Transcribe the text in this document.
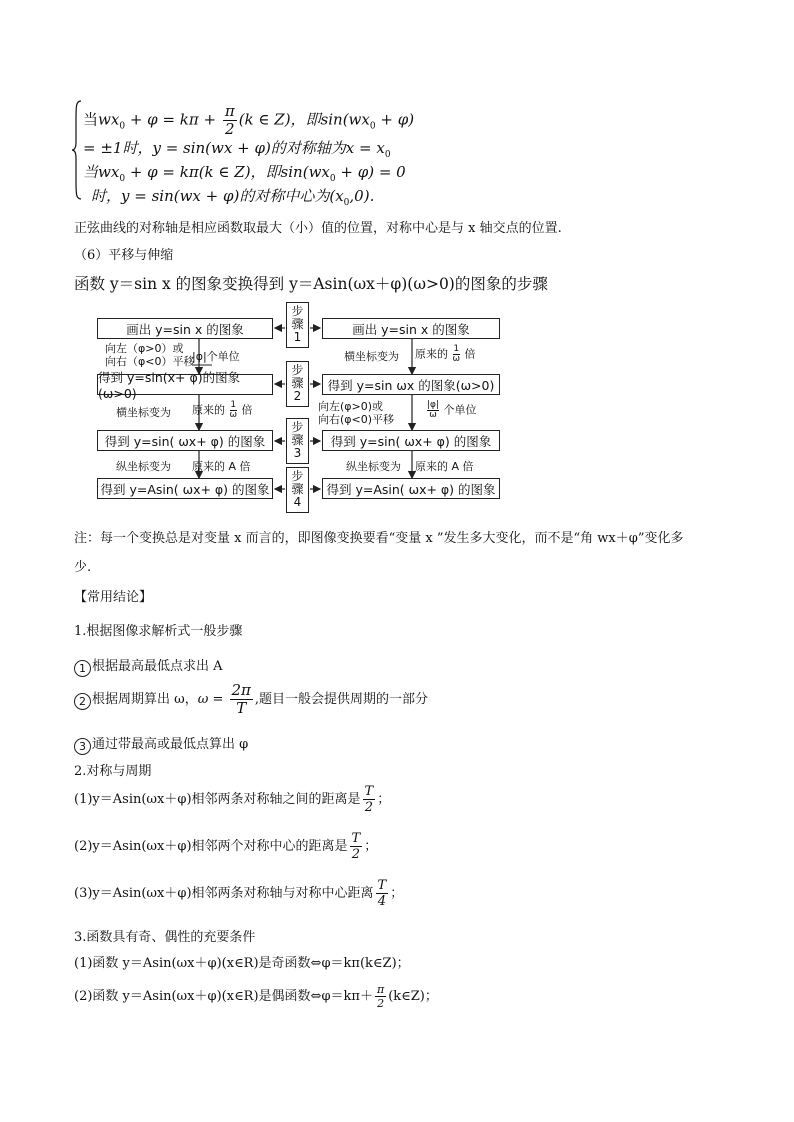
当$wx_0 + \varphi = k\pi + \frac{\pi}{2} (k$ ∈ Z)，即$\sin(wx_0 + \varphi)$
= ±1时，y = sin(wx + φ)的对称轴为$x = x_0$
当$wx_0 + \varphi = k\pi(k$ ∈ Z)，即$\sin(wx_0 + \varphi) = 0$
时，y = sin(wx + φ)的对称中心为$(x_0,0)$.
正弦曲线的对称轴是相应函数取最大（小）值的位置，对称中心是与 x 轴交点的位置.
（6）平移与伸缩
函数 y＝sin x 的图象变换得到 y＝Asin(ωx＋φ)(ω>0)的图象的步骤
画出 y=sin x 的图象
得到 y=sin(x+ φ)的图象(ω>0)
得到 y=sin( ωx+ φ) 的图象
得到 y=Asin( ωx+ φ) 的图象
画出 y=sin x 的图象
得到 y=sin ωx 的图象(ω>0)
得到 y=sin( ωx+ φ) 的图象
得到 y=Asin( ωx+ φ) 的图象
步
骤
1
步
骤
2
步
骤
3
步
骤
4
向左（φ>0）或
向右（φ<0）平移
|φ|个单位
横坐标变为 原来的 $\frac{1}{\omega}$ 倍
纵坐标变为 原来的 A 倍
横坐标变为 原来的 $\frac{1}{\omega}$ 倍
向左(φ>0)或
向右(φ<0)平移	$\frac{|\varphi|}{\omega}$ 个单位
纵坐标变为 原来的 A 倍
注：每一个变换总是对变量 x 而言的，即图像变换要看“变量 x ”发生多大变化，而不是“角 wx＋φ”变化多
少.
【常用结论】
1.根据图像求解析式一般步骤
1 根据最高最低点求出 A
2 根据周期算出 ω，$\omega = \frac{2\pi}{T}$ ,题目一般会提供周期的一部分
3 通过带最高或最低点算出 φ
2.对称与周期
(1)y＝Asin(ωx＋φ)相邻两条对称轴之间的距离是 $\frac{T}{2}$ ；
(2)y＝Asin(ωx＋φ)相邻两个对称中心的距离是 $\frac{T}{2}$ ；
(3)y＝Asin(ωx＋φ)相邻两条对称轴与对称中心距离 $\frac{T}{4}$ ；
3.函数具有奇、偶性的充要条件
(1)函数 y＝Asin(ωx＋φ)(x∈R)是奇函数⇔φ＝kπ(k∈Z)；
(2)函数 y＝Asin(ωx＋φ)(x∈R)是偶函数⇔φ＝kπ＋ $\frac{\pi}{2}$ (k∈Z)；
